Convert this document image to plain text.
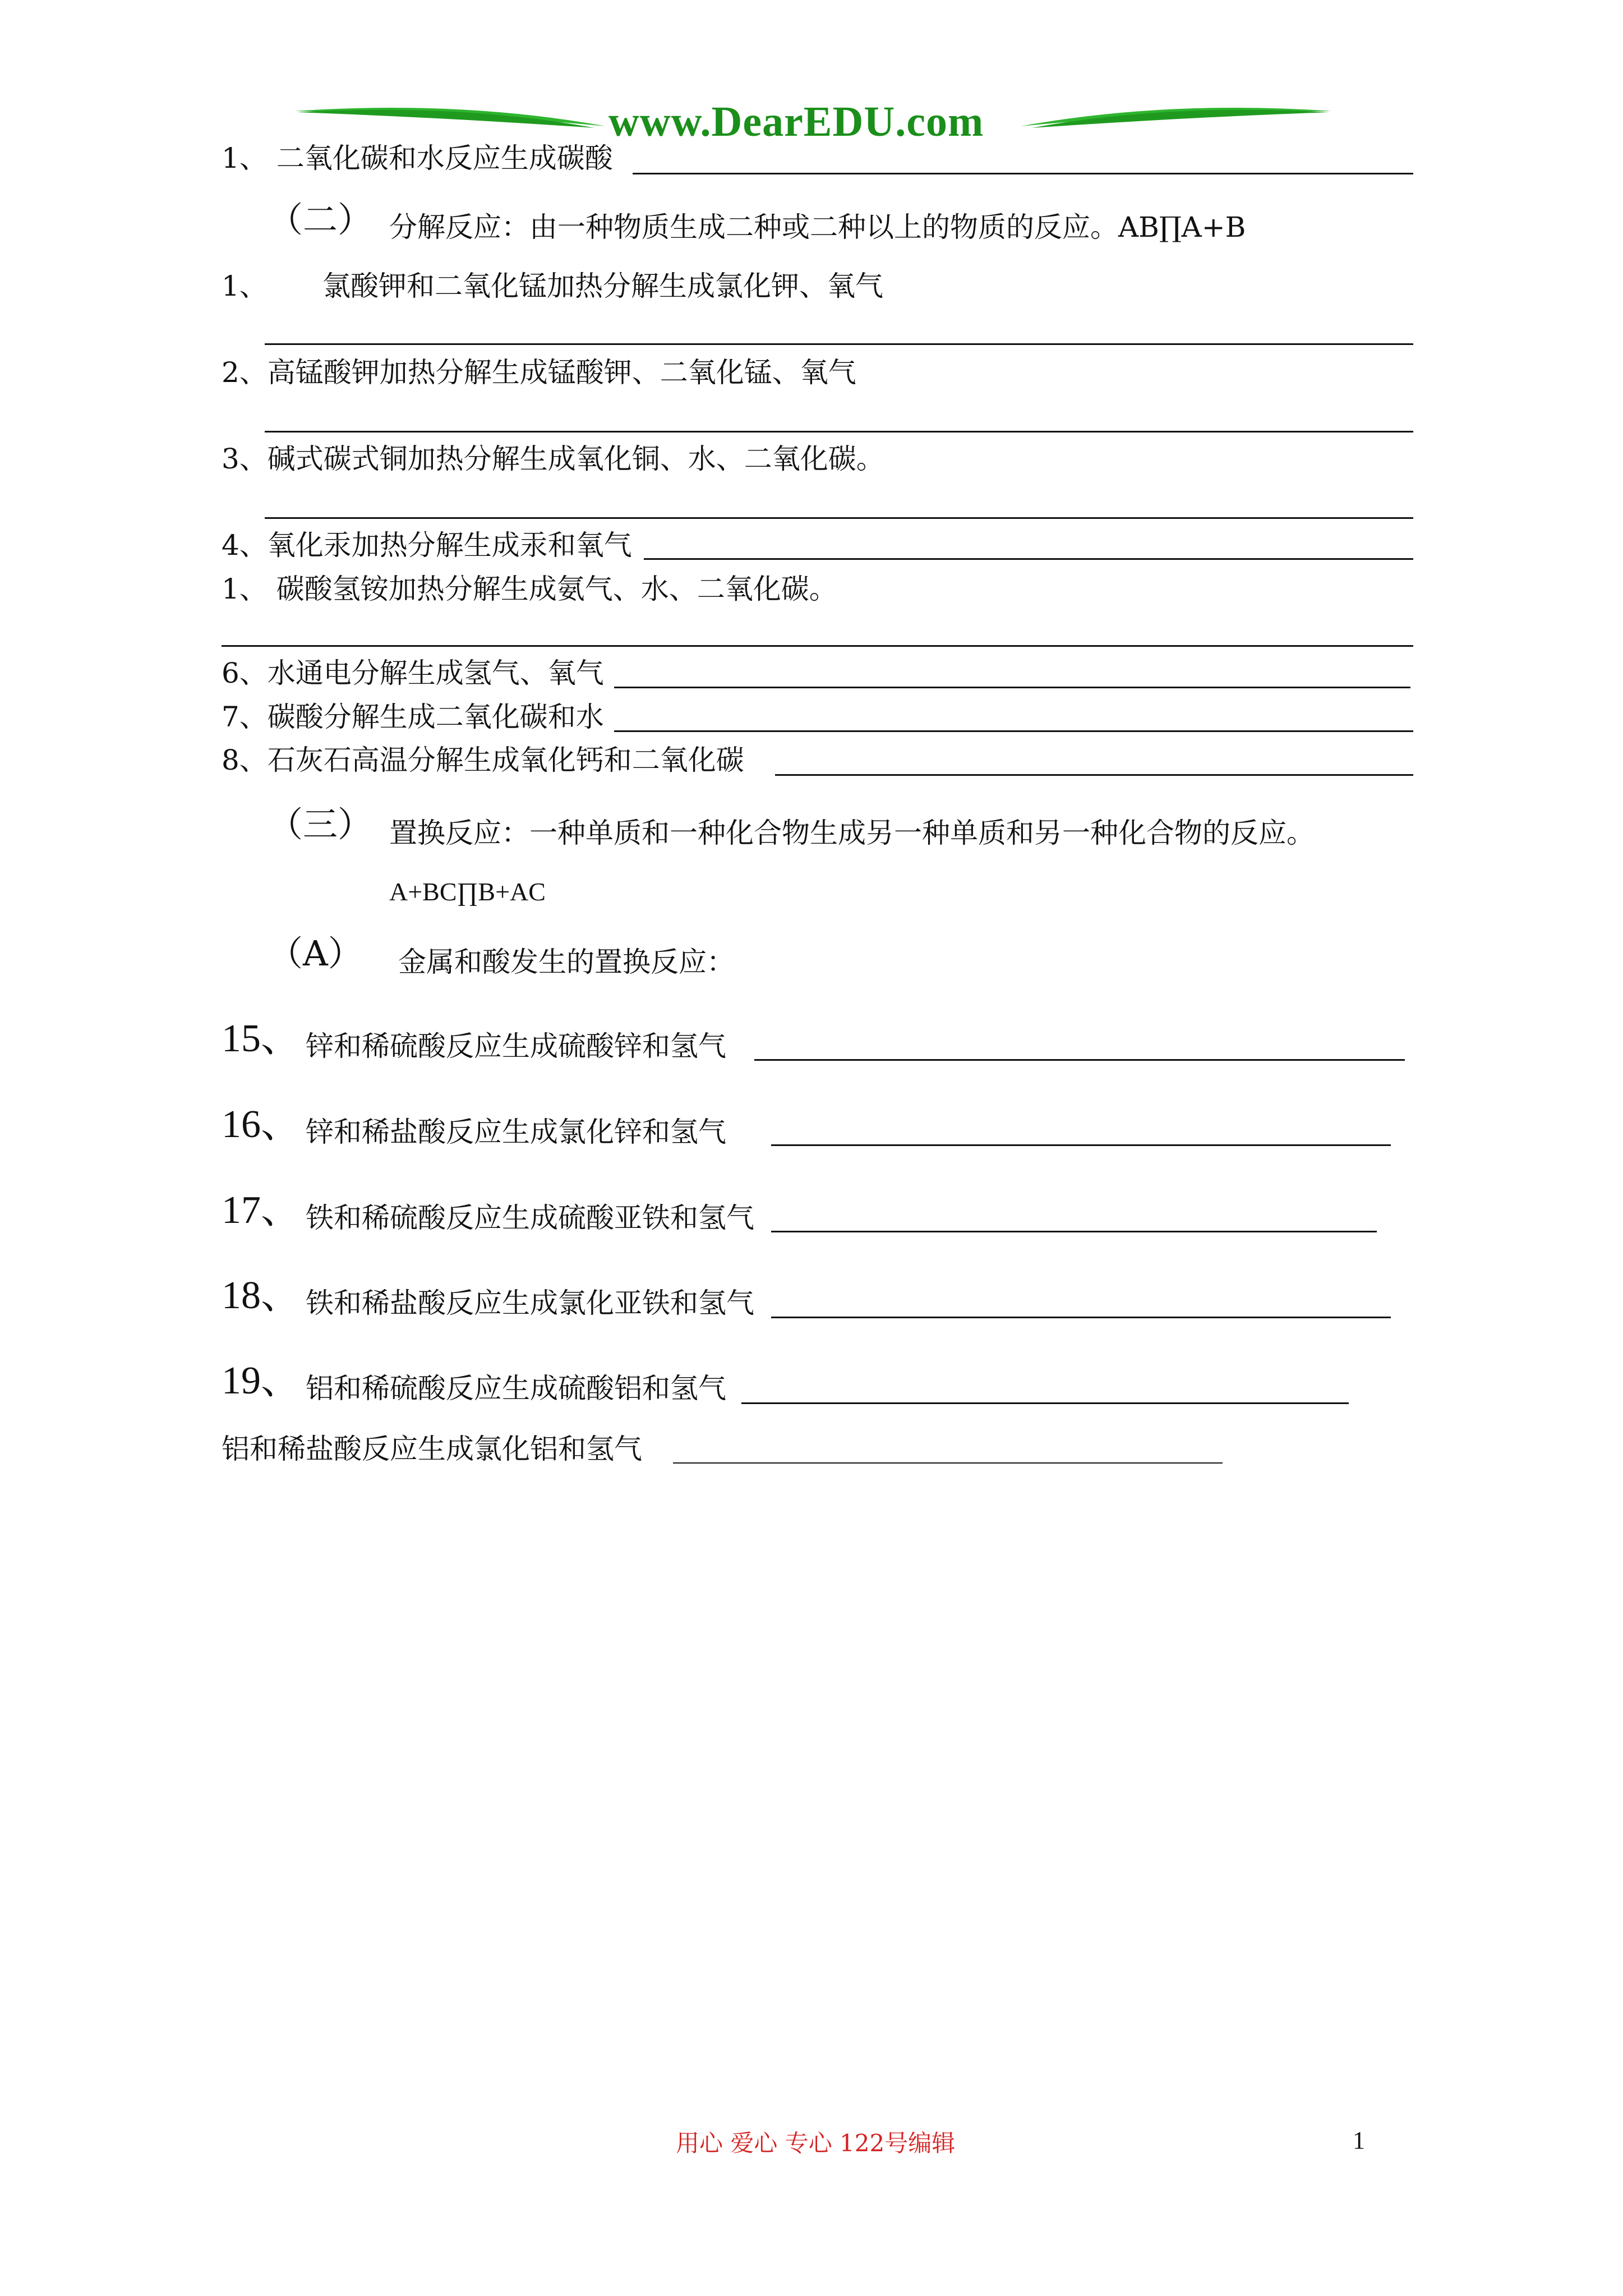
www.DearEDU.com
1、 二氧化碳和水反应生成碳酸
（二） 分解反应：由一种物质生成二种或二种以上的物质的反应。AB∏A+B
1、 氯酸钾和二氧化锰加热分解生成氯化钾、氧气
2、高锰酸钾加热分解生成锰酸钾、二氧化锰、氧气
3、碱式碳式铜加热分解生成氧化铜、水、二氧化碳。
4、氧化汞加热分解生成汞和氧气
1、 碳酸氢铵加热分解生成氨气、水、二氧化碳。
6、水通电分解生成氢气、氧气
7、碳酸分解生成二氧化碳和水
8、石灰石高温分解生成氧化钙和二氧化碳
（三） 置换反应：一种单质和一种化合物生成另一种单质和另一种化合物的反应。
A+BC∏B+AC
（A） 金属和酸发生的置换反应：
15、 锌和稀硫酸反应生成硫酸锌和氢气
16、 锌和稀盐酸反应生成氯化锌和氢气
17、 铁和稀硫酸反应生成硫酸亚铁和氢气
18、 铁和稀盐酸反应生成氯化亚铁和氢气
19、 铝和稀硫酸反应生成硫酸铝和氢气
铝和稀盐酸反应生成氯化铝和氢气
用心 爱心 专心 122号编辑	1
